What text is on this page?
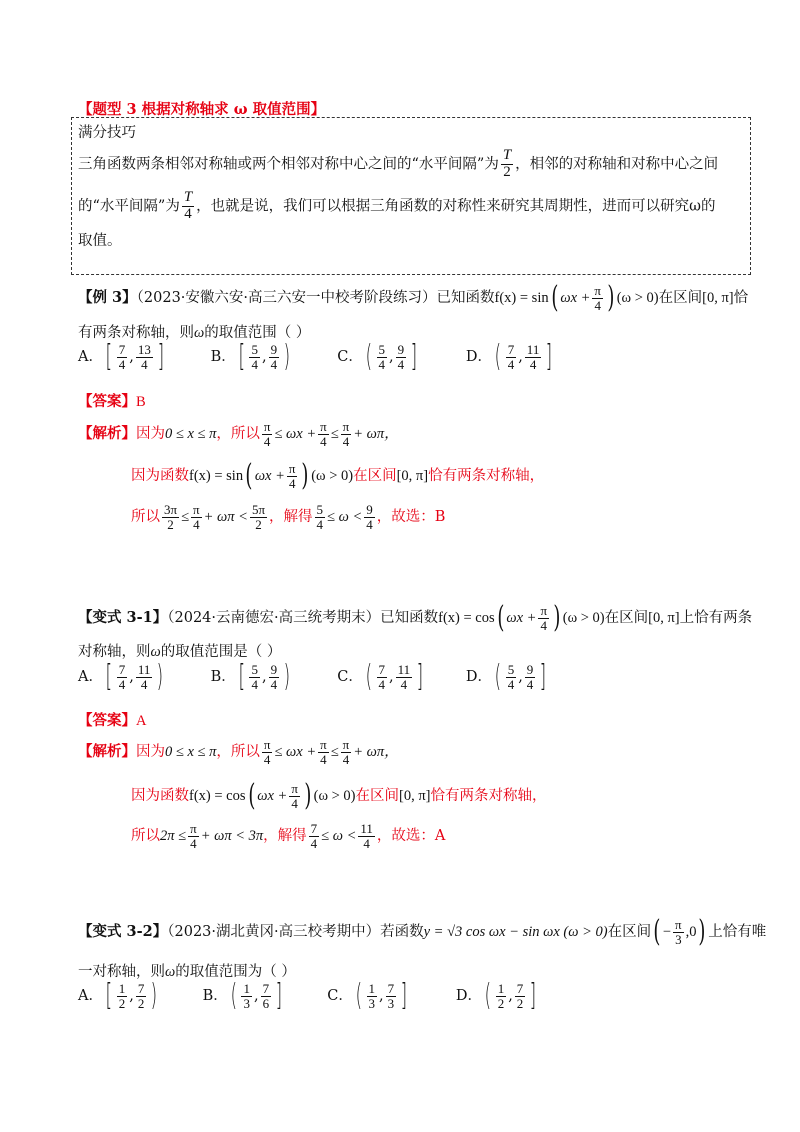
【题型 3 根据对称轴求 ω 取值范围】
满分技巧
三角函数两条相邻对称轴或两个相邻对称中心之间的“水平间隔”为 $\frac{T}{2}$ ，相邻的对称轴和对称中心之间
的“水平间隔”为 $\frac{T}{4}$ ，也就是说，我们可以根据三角函数的对称性来研究其周期性，进而可以研究ω的
取值。
【例 3】（2023·安徽六安·高三六安一中校考阶段练习）已知函数f(x) = sin( $\omega x + \frac{\pi}{4}$ ) (ω > 0)在区间[0, π]恰
有两条对称轴，则ω的取值范围（ ）
A．[ $\frac{7}{4}$ , $\frac{13}{4}$ ]	B．[ $\frac{5}{4}$ , $\frac{9}{4}$ )	C．( $\frac{5}{4}$ , $\frac{9}{4}$ ]	D．( $\frac{7}{4}$ , $\frac{11}{4}$ ]
【答案】B
【解析】因为0 ≤ x ≤ π，所以 $\frac{\pi}{4} \le \omega x + \frac{\pi}{4} \le \frac{\pi}{4} + \omega\pi$，
因为函数f(x) = sin( $\omega x + \frac{\pi}{4}$ ) (ω > 0)在区间[0, π]恰有两条对称轴，
所以 $\frac{3\pi}{2} \le \frac{\pi}{4} + \omega\pi < \frac{5\pi}{2}$ ，解得 $\frac{5}{4} \le \omega < \frac{9}{4}$ ，故选：B
【变式 3-1】（2024·云南德宏·高三统考期末）已知函数f(x) = cos( $\omega x + \frac{\pi}{4}$ ) (ω > 0)在区间[0, π]上恰有两条
对称轴，则ω的取值范围是（ ）
A．[ $\frac{7}{4}$ , $\frac{11}{4}$ )	B．[ $\frac{5}{4}$ , $\frac{9}{4}$ )	C．( $\frac{7}{4}$ , $\frac{11}{4}$ ]	D．( $\frac{5}{4}$ , $\frac{9}{4}$ ]
【答案】A
【解析】因为0 ≤ x ≤ π，所以 $\frac{\pi}{4} \le \omega x + \frac{\pi}{4} \le \frac{\pi}{4} + \omega\pi$，
因为函数f(x) = cos( $\omega x + \frac{\pi}{4}$ ) (ω > 0)在区间[0, π]恰有两条对称轴，
所以$2\pi \le \frac{\pi}{4} + \omega\pi < 3\pi$，解得 $\frac{7}{4} \le \omega < \frac{11}{4}$ ，故选：A
【变式 3-2】（2023·湖北黄冈·高三校考期中）若函数y = √3 cos ωx − sin ωx (ω > 0)在区间( − $\frac{\pi}{3} ,0$) 上恰有唯
一对称轴，则ω的取值范围为（ ）
A．[ $\frac{1}{2}$ , $\frac{7}{2}$ )	B．( $\frac{1}{3}$ , $\frac{7}{6}$ ]	C．( $\frac{1}{3}$ , $\frac{7}{3}$ ]	D．( $\frac{1}{2}$ , $\frac{7}{2}$ ]
